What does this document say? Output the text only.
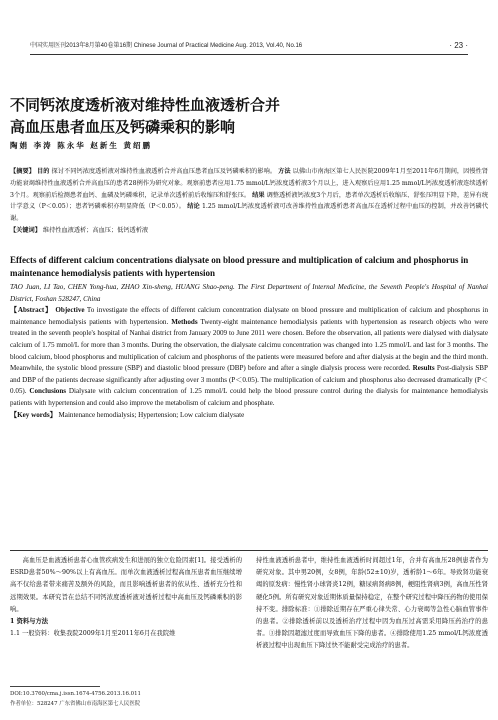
中国实用医刊2013年8月第40卷第16期 Chinese Journal of Practical Medicine Aug. 2013, Vol.40, No.16	· 23 ·
不同钙浓度透析液对维持性血液透析合并
高血压患者血压及钙磷乘积的影响
陶娟 李涛 陈永华 赵新生 黄绍鹏
【摘要】 目的 探讨不同钙浓度透析液对维持性血液透析合并高血压患者血压及钙磷乘积的影响。 方法 以佛山市南海区第七人民医院2009年1月至2011年6月期间，因慢性肾功能衰竭维持性血液透析合并高血压的患者28例作为研究对象。观察前患者应用1.75 mmol/L钙浓度透析液3个月以上，进入观察后应用1.25 mmol/L钙浓度透析液连续透析3个月。观察前后检测患者血钙、血磷及钙磷乘积，记录单次透析前后收缩压和舒张压。 结果 调整透析液钙浓度3个月后，患者单次透析后收缩压、舒张压明显下降，差异有统计学意义（P＜0.05）；患者钙磷乘积亦明显降低（P＜0.05）。 结论 1.25 mmol/L钙浓度透析液可改善维持性血液透析患者高血压在透析过程中血压的控制，并改善钙磷代谢。
【关键词】 维持性血液透析；高血压；低钙透析液
Effects of different calcium concentrations dialysate on blood pressure and multiplication of calcium and phosphorus in maintenance hemodialysis patients with hypertension
TAO Juan, LI Tao, CHEN Yong-hua, ZHAO Xin-sheng, HUANG Shao-peng. The First Department of Internal Medicine, the Seventh People's Hospital of Nanhai District, Foshan 528247, China
【Abstract】 Objective To investigate the effects of different calcium concentration dialysate on blood pressure and multiplication of calcium and phosphorus in maintenance hemodialysis patients with hypertension. Methods Twenty-eight maintenance hemodialysis patients with hypertension as research objects who were treated in the seventh people's hospital of Nanhai district from January 2009 to June 2011 were chosen. Before the observation, all patients were dialysed with dialysate calcium of 1.75 mmol/L for more than 3 months. During the observation, the dialysate calcimu concentration was changed into 1.25 mmol/L and last for 3 months. The blood calcium, blood phosphorus and multiplication of calcium and phosphorus of the patients were measured before and after dialysis at the begin and the third month. Meanwhile, the systolic blood pressure (SBP) and diastolic blood pressure (DBP) before and after a single dialysis process were recorded. Results Post-dialysis SBP and DBP of the patients decrease significantly after adjusting over 3 months (P＜0.05). The multiplication of calcium and phosphorus also decreased dramatically (P＜0.05). Conclusions Dialysate with calcium concentration of 1.25 mmol/L could help the blood pressure control during the dialysis for maintenance hemodialysis patients with hypertension and could also improve the metabolism of calcium and phosphate.
【Key words】 Maintenance hemodialysis; Hypertension; Low calcium dialysate
高血压是血液透析患者心血管疾病发生和进展的独立危险因素[1]。接受透析的ESRD患者50%～90%以上有高血压。而单次血液透析过程高血压患者血压继续增高不仅给患者带来痛苦及额外的风险，而且影响透析患者的依从性、透析充分性和远期效果。本研究旨在总结不同钙浓度透析液对透析过程中高血压及钙磷乘积的影响。
1 资料与方法
1.1 一般资料：收集我院2009年1月至2011年6月在我院维
持性血液透析患者中，维持性血液透析时间超过1年，合并有高血压28例患者作为研究对象。其中男20例，女8例，年龄(52±10)岁，透析龄1～6年。导致肾功能衰竭的原发病：慢性肾小球肾炎12例，糖尿病肾病8例，梗阻性肾病3例，高血压性肾硬化5例。所有研究对象近期体质量保持稳定，在整个研究过程中降压药物的使用保持不变。排除标准：①排除近期存在严重心律失常、心力衰竭等急性心脑血管事件的患者。②排除透析前以及透析治疗过程中因为血压过高需采用降压药治疗的患者。③排除因超滤过度而导致血压下降的患者。④排除使用1.25 mmol/L钙浓度透析液过程中出现血压下降过快不能耐受完成治疗的患者。
DOI:10.3760/cma.j.issn.1674-4756.2013.16.011
作者单位：528247 广东省佛山市南海区第七人民医院
